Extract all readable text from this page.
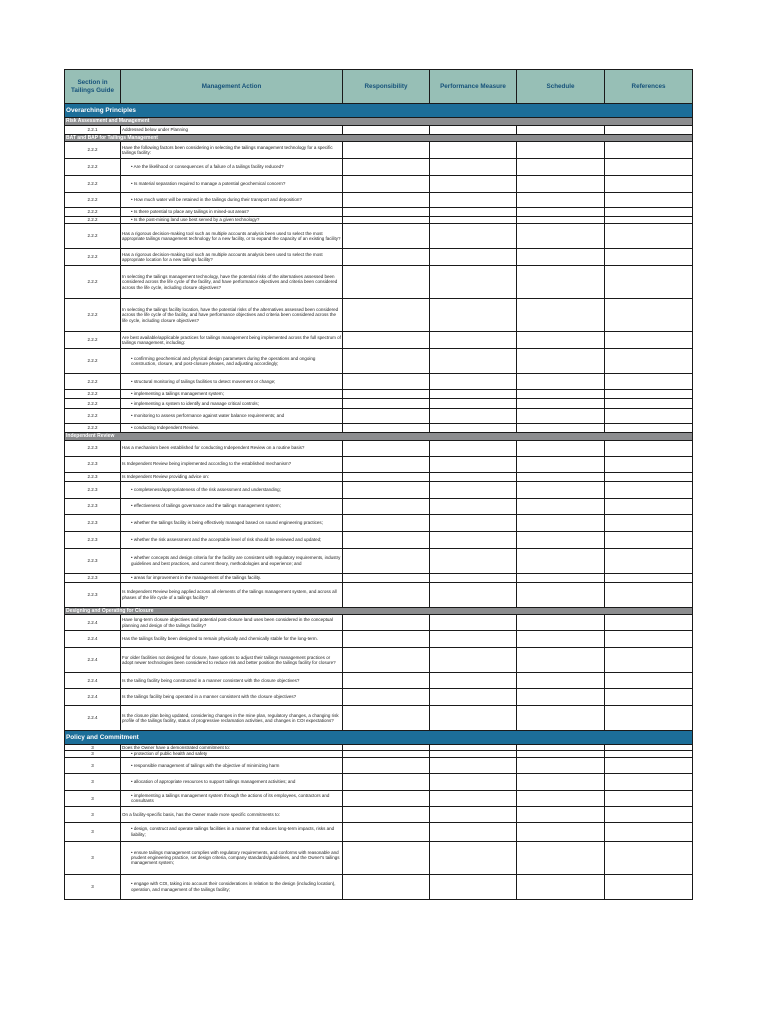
Section in Tailings Guide	Management Action	Responsibility	Performance Measure	Schedule	References
Overarching Principles					
Risk Assessment and Management					
2.2.1	Addressed below under Planning				
BAT and BAP for Tailings Management					
2.2.2	Have the following factors been considering in selecting the tailings management technology for a specific tailings facility:				
2.2.2	• Are the likelihood or consequences of a failure of a tailings facility reduced?				
2.2.2	• Is material separation required to manage a potential geochemical concern?				
2.2.2	• How much water will be retained in the tailings during their transport and deposition?				
2.2.2	• Is there potential to place any tailings in mined-out areas?				
2.2.2	• Is the post-mining land use best served by a given technology?				
2.2.2	Has a rigorous decision-making tool such as multiple accounts analysis been used to select the most appropriate tailings management technology for a new facility, or to expand the capacity of an existing facility?				
2.2.2	Has a rigorous decision-making tool such as multiple accounts analysis been used to select the most appropriate location for a new tailings facility?				
2.2.2	In selecting the tailings management technology, have the potential risks of the alternatives assessed been considered across the life cycle of the facility, and have performance objectives and criteria been considered across the life cycle, including closure objectives?				
2.2.2	In selecting the tailings facility location, have the potential risks of the alternatives assessed been considered across the life cycle of the facility, and have performance objectives and criteria been considered across the life cycle, including closure objectives?				
2.2.2	Are best available/applicable practices for tailings management being implemented across the full spectrum of tailings management, including:				
2.2.2	• confirming geochemical and physical design parameters during the operations and ongoing construction, closure, and post-closure phases, and adjusting accordingly;				
2.2.2	• structural monitoring of tailings facilities to detect movement or change;				
2.2.2	• implementing a tailings management system;				
2.2.2	• implementing a system to identify and manage critical controls;				
2.2.2	• monitoring to assess performance against water balance requirements; and				
2.2.2	• conducting Independent Review.				
Independent Review					
2.2.3	Has a mechanism been established for conducting Independent Review on a routine basis?				
2.2.3	Is Independent Review being implemented according to the established mechanism?				
2.2.3	Is Independent Review providing advice on:				
2.2.3	• completeness/appropriateness of the risk assessment and understanding;				
2.2.3	• effectiveness of tailings governance and the tailings management system;				
2.2.3	• whether the tailings facility is being effectively managed based on sound engineering practices;				
2.2.3	• whether the risk assessment and the acceptable level of risk should be reviewed and updated;				
2.2.3	• whether concepts and design criteria for the facility are consistent with regulatory requirements, industry guidelines and best practices, and current theory, methodologies and experience; and				
2.2.3	• areas for improvement in the management of the tailings facility.				
2.2.3	Is Independent Review being applied across all elements of the tailings management system, and across all phases of the life cycle of a tailings facility?				
Designing and Operating for Closure					
2.2.4	Have long-term closure objectives and potential post-closure land uses been considered in the conceptual planning and design of the tailings facility?				
2.2.4	Has the tailings facility been designed to remain physically and chemically stable for the long-term.				
2.2.4	For older facilities not designed for closure, have options to adjust their tailings management practices or adopt newer technologies been considered to reduce risk and better position the tailings facility for closure?				
2.2.4	Is the tailing facility being constructed in a manner consistent with the closure objectives?				
2.2.4	Is the tailings facility being operated in a manner consistent with the closure objectives?				
2.2.4	Is the closure plan being updated, considering changes in the mine plan, regulatory changes, a changing risk profile of the tailings facility, status of progressive reclamation activities, and changes in COI expectations?				
Policy and Commitment					
3	Does the Owner have a demonstrated commitment to:				
3	• protection of public health and safety				
3	• responsible management of tailings with the objective of minimizing harm				
3	• allocation of appropriate resources to support tailings management activities; and				
3	• implementing a tailings management system through the actions of its employees, contractors and consultants				
3	On a facility-specific basis, has the Owner made more specific commitments to:				
3	• design, construct and operate tailings facilities in a manner that reduces long-term impacts, risks and liability;				
3	• ensure tailings management complies with regulatory requirements, and conforms with reasonable and prudent engineering practice, set design criteria, company standards/guidelines, and the Owner's tailings management system;				
3	• engage with COI, taking into account their considerations in relation to the design (including location), operation, and management of the tailings facility;				
